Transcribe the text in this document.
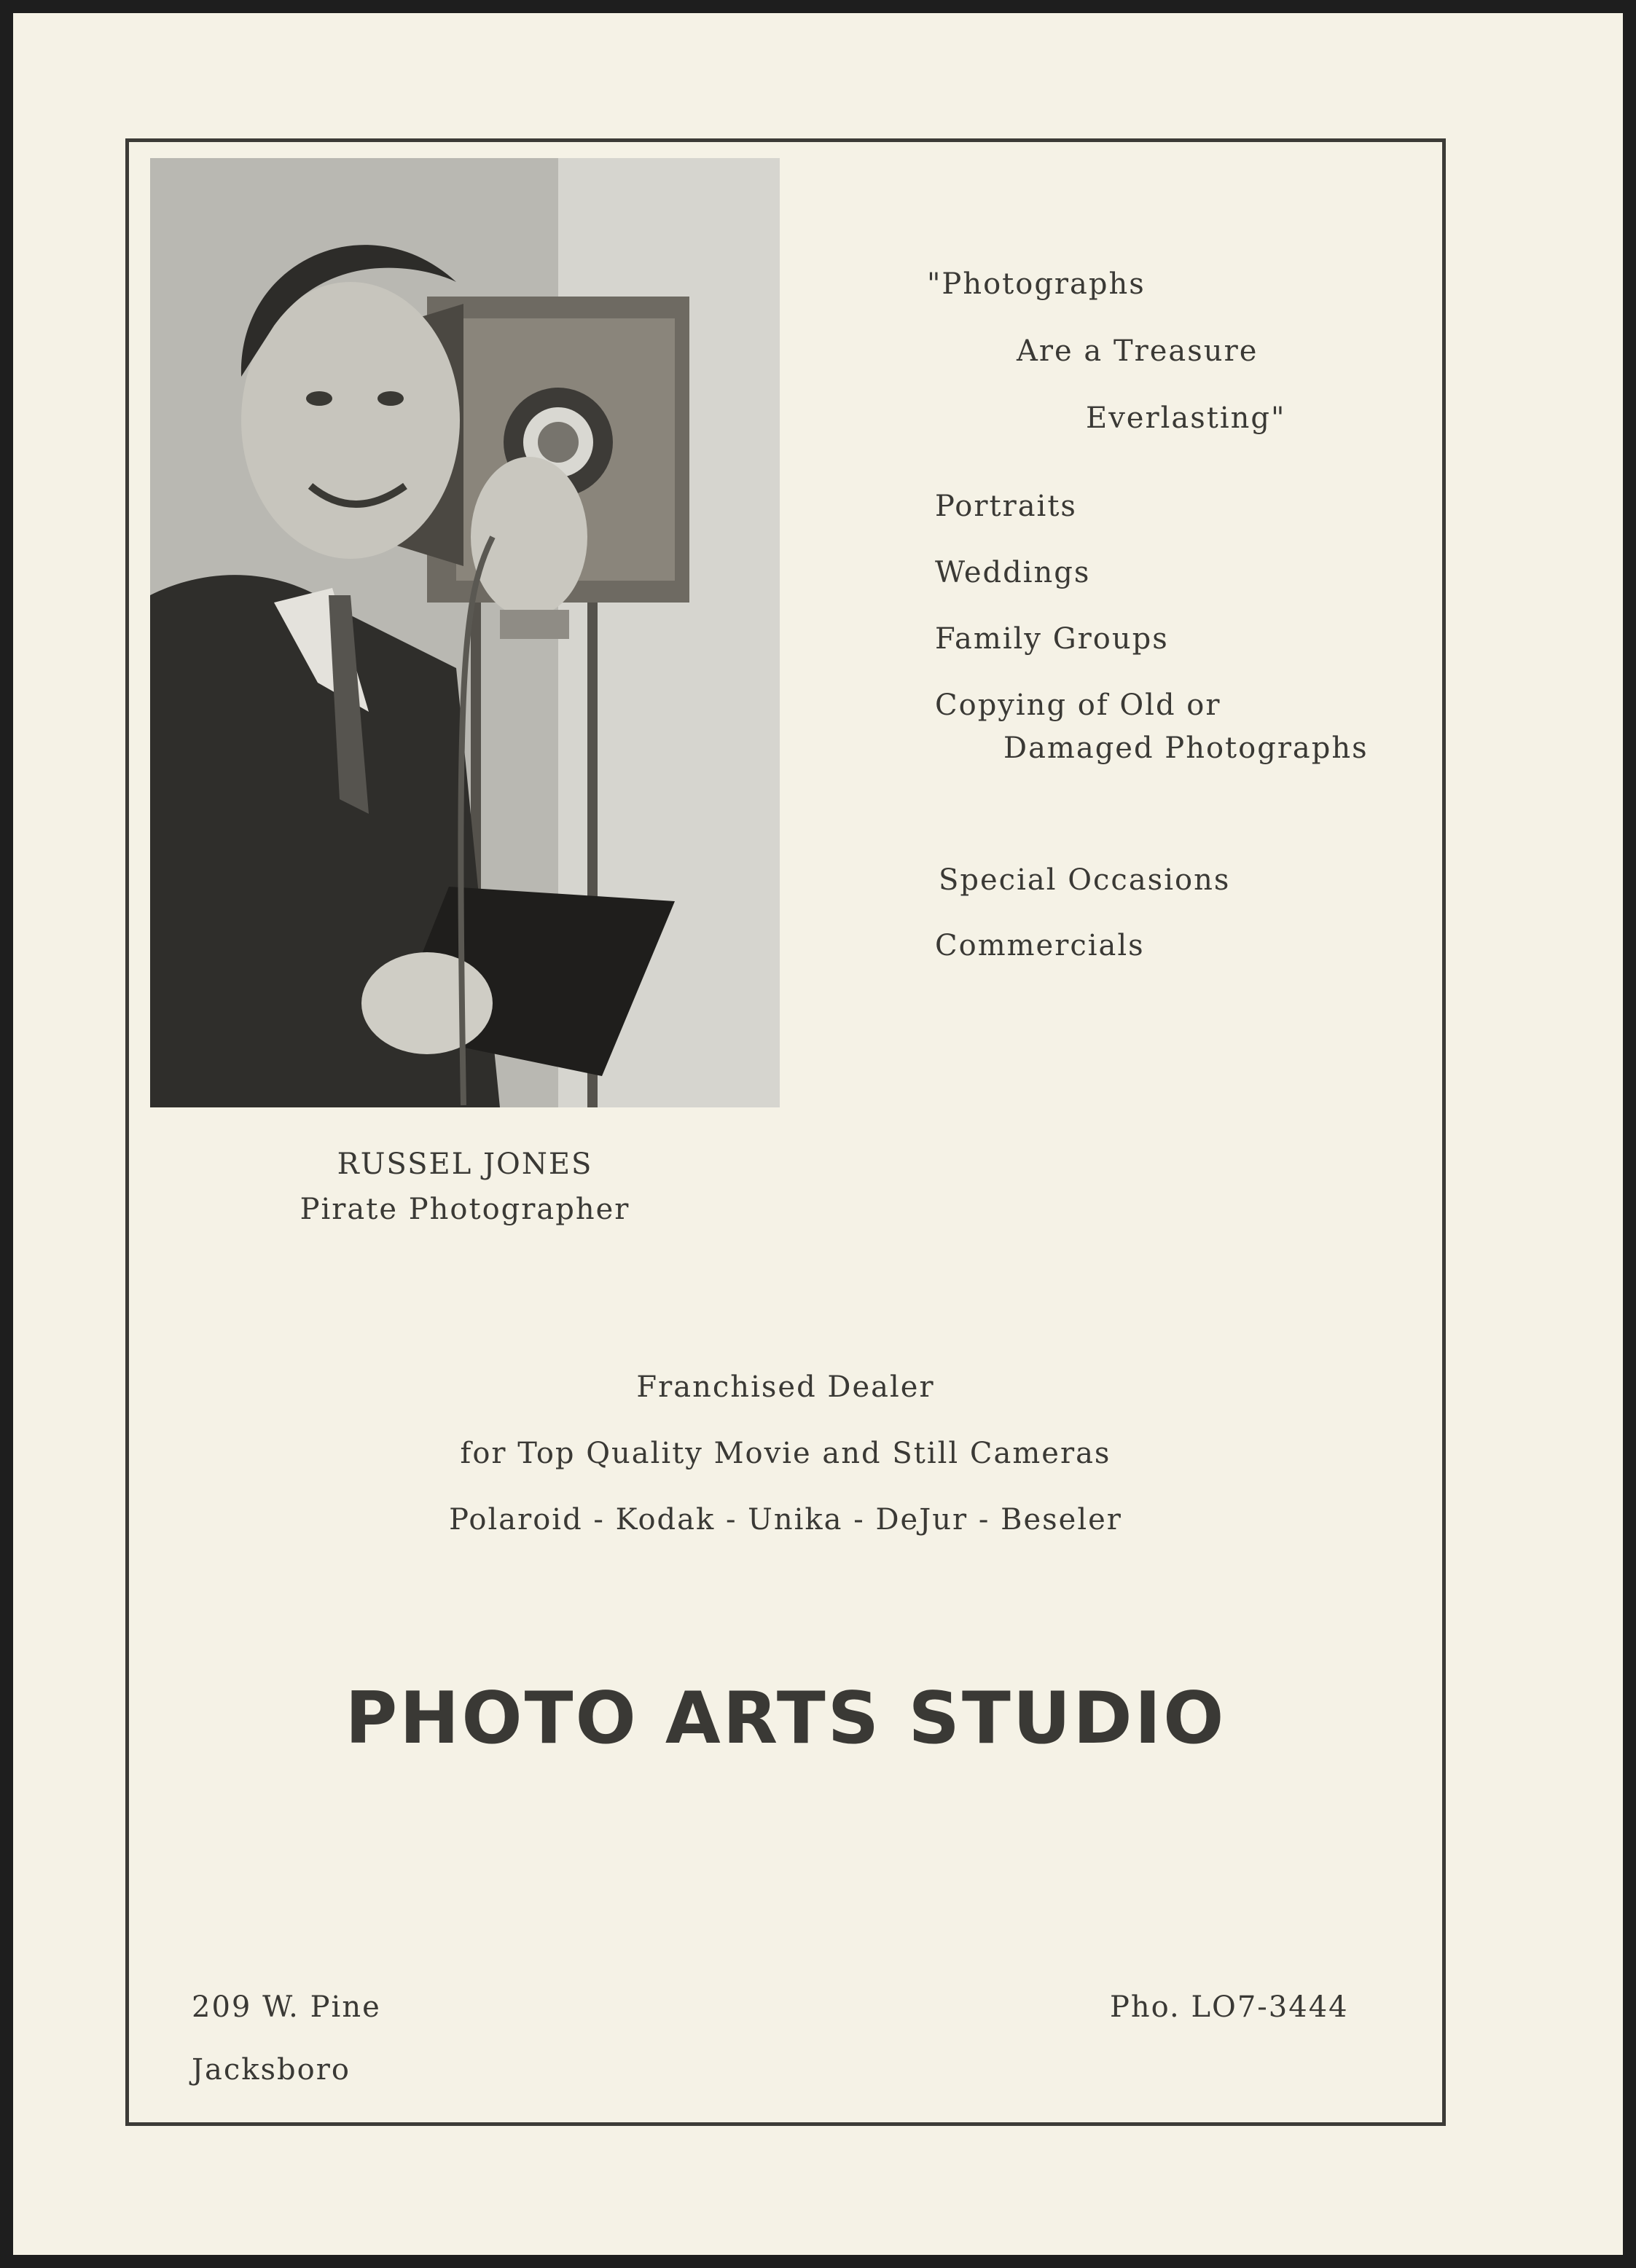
"Photographs
Are a Treasure
Everlasting"
Portraits
Weddings
Family Groups
Copying of Old or
Damaged Photographs
Special Occasions
Commercials
RUSSEL JONES
Pirate Photographer
Franchised Dealer
for Top Quality Movie and Still Cameras
Polaroid - Kodak - Unika - DeJur - Beseler
PHOTO ARTS STUDIO
209 W. Pine
Jacksboro
Pho. LO7-3444
